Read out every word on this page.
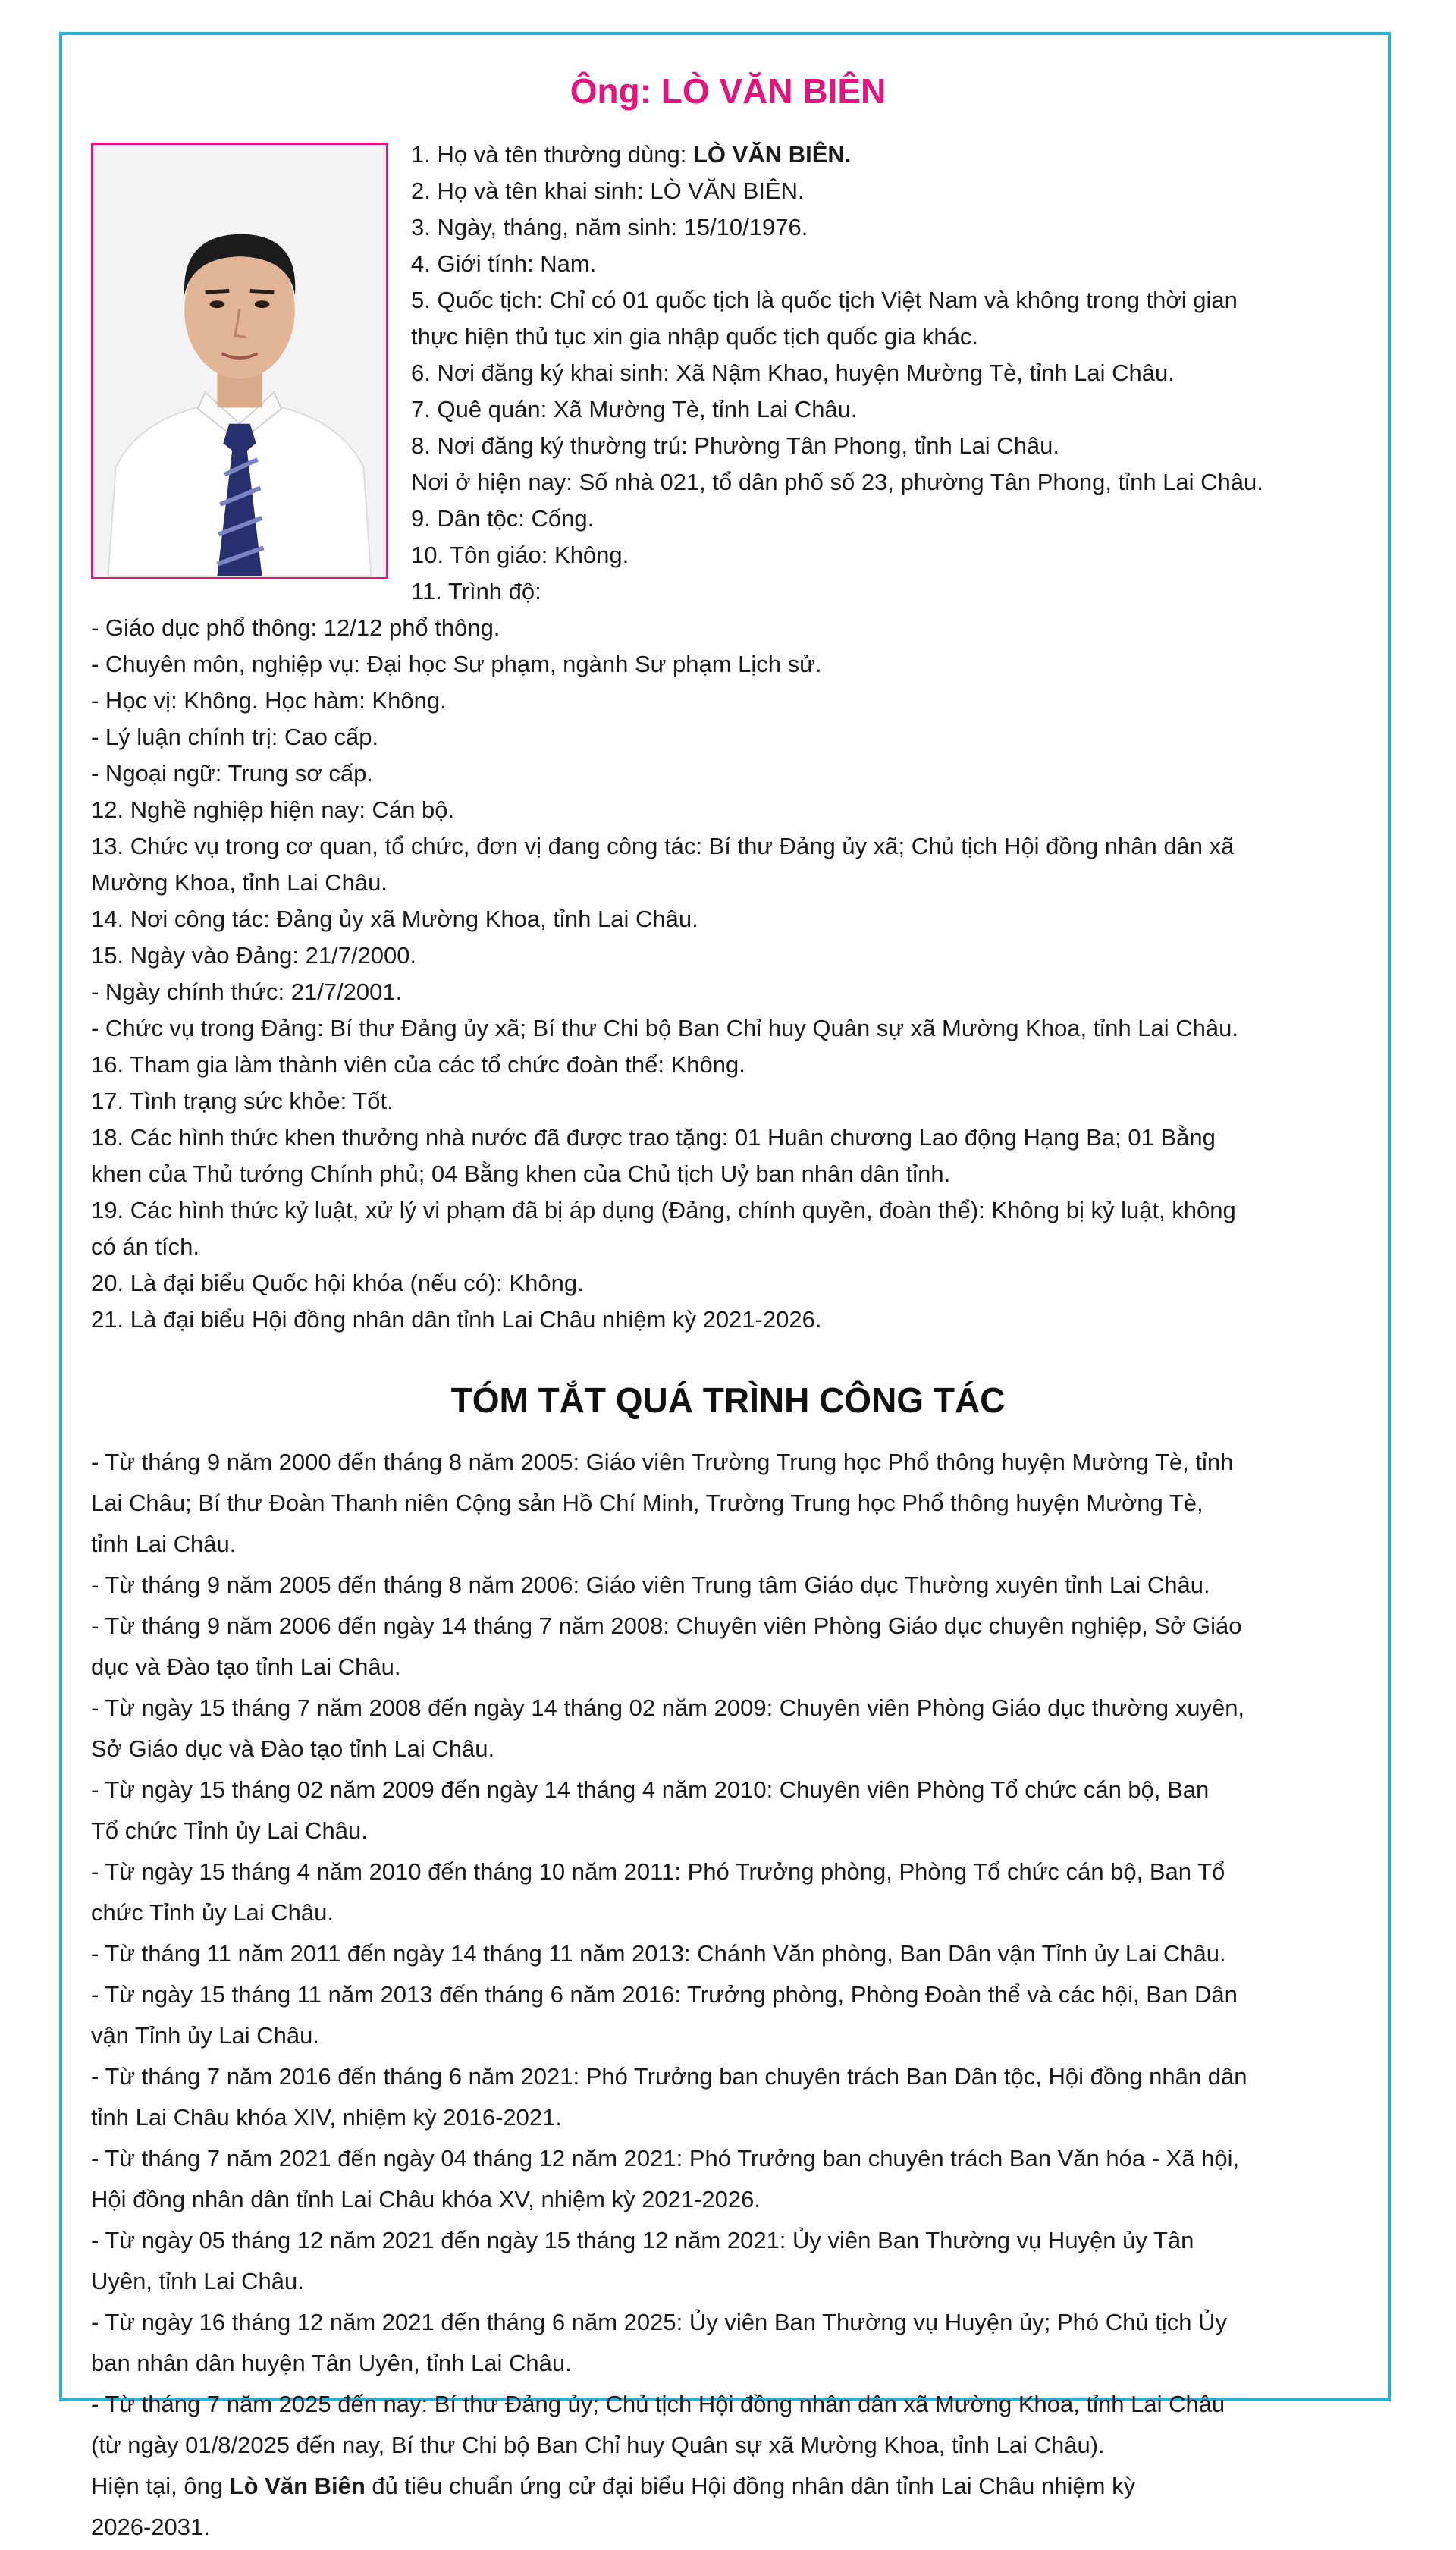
Ông: LÒ VĂN BIÊN

1. Họ và tên thường dùng: LÒ VĂN BIÊN.

2. Họ và tên khai sinh: LÒ VĂN BIÊN.

3. Ngày, tháng, năm sinh: 15/10/1976.

4. Giới tính: Nam.

5. Quốc tịch: Chỉ có 01 quốc tịch là quốc tịch Việt Nam và không trong thời gian

thực hiện thủ tục xin gia nhập quốc tịch quốc gia khác.

6. Nơi đăng ký khai sinh: Xã Nậm Khao, huyện Mường Tè, tỉnh Lai Châu.

7. Quê quán: Xã Mường Tè, tỉnh Lai Châu.

8. Nơi đăng ký thường trú: Phường Tân Phong, tỉnh Lai Châu.

Nơi ở hiện nay: Số nhà 021, tổ dân phố số 23, phường Tân Phong, tỉnh Lai Châu.

9. Dân tộc: Cống.

10. Tôn giáo: Không.

11. Trình độ:

- Giáo dục phổ thông: 12/12 phổ thông.

- Chuyên môn, nghiệp vụ: Đại học Sư phạm, ngành Sư phạm Lịch sử.

- Học vị: Không. Học hàm: Không.

- Lý luận chính trị: Cao cấp.

- Ngoại ngữ: Trung sơ cấp.

12. Nghề nghiệp hiện nay: Cán bộ.

13. Chức vụ trong cơ quan, tổ chức, đơn vị đang công tác: Bí thư Đảng ủy xã; Chủ tịch Hội đồng nhân dân xã

Mường Khoa, tỉnh Lai Châu.

14. Nơi công tác: Đảng ủy xã Mường Khoa, tỉnh Lai Châu.

15. Ngày vào Đảng: 21/7/2000.

- Ngày chính thức: 21/7/2001.

- Chức vụ trong Đảng: Bí thư Đảng ủy xã; Bí thư Chi bộ Ban Chỉ huy Quân sự xã Mường Khoa, tỉnh Lai Châu.

16. Tham gia làm thành viên của các tổ chức đoàn thể: Không.

17. Tình trạng sức khỏe: Tốt.

18. Các hình thức khen thưởng nhà nước đã được trao tặng: 01 Huân chương Lao động Hạng Ba; 01 Bằng

khen của Thủ tướng Chính phủ; 04 Bằng khen của Chủ tịch Uỷ ban nhân dân tỉnh.

19. Các hình thức kỷ luật, xử lý vi phạm đã bị áp dụng (Đảng, chính quyền, đoàn thể): Không bị kỷ luật, không

có án tích.

20. Là đại biểu Quốc hội khóa (nếu có): Không.

21. Là đại biểu Hội đồng nhân dân tỉnh Lai Châu nhiệm kỳ 2021-2026.

TÓM TẮT QUÁ TRÌNH CÔNG TÁC

- Từ tháng 9 năm 2000 đến tháng 8 năm 2005: Giáo viên Trường Trung học Phổ thông huyện Mường Tè, tỉnh

Lai Châu; Bí thư Đoàn Thanh niên Cộng sản Hồ Chí Minh, Trường Trung học Phổ thông huyện Mường Tè,

tỉnh Lai Châu.

- Từ tháng 9 năm 2005 đến tháng 8 năm 2006: Giáo viên Trung tâm Giáo dục Thường xuyên tỉnh Lai Châu.

- Từ tháng 9 năm 2006 đến ngày 14 tháng 7 năm 2008: Chuyên viên Phòng Giáo dục chuyên nghiệp, Sở Giáo

dục và Đào tạo tỉnh Lai Châu.

- Từ ngày 15 tháng 7 năm 2008 đến ngày 14 tháng 02 năm 2009: Chuyên viên Phòng Giáo dục thường xuyên,

Sở Giáo dục và Đào tạo tỉnh Lai Châu.

- Từ ngày 15 tháng 02 năm 2009 đến ngày 14 tháng 4 năm 2010: Chuyên viên Phòng Tổ chức cán bộ, Ban

Tổ chức Tỉnh ủy Lai Châu.

- Từ ngày 15 tháng 4 năm 2010 đến tháng 10 năm 2011: Phó Trưởng phòng, Phòng Tổ chức cán bộ, Ban Tổ

chức Tỉnh ủy Lai Châu.

- Từ tháng 11 năm 2011 đến ngày 14 tháng 11 năm 2013: Chánh Văn phòng, Ban Dân vận Tỉnh ủy Lai Châu.

- Từ ngày 15 tháng 11 năm 2013 đến tháng 6 năm 2016: Trưởng phòng, Phòng Đoàn thể và các hội, Ban Dân

vận Tỉnh ủy Lai Châu.

- Từ tháng 7 năm 2016 đến tháng 6 năm 2021: Phó Trưởng ban chuyên trách Ban Dân tộc, Hội đồng nhân dân

tỉnh Lai Châu khóa XIV, nhiệm kỳ 2016-2021.

- Từ tháng 7 năm 2021 đến ngày 04 tháng 12 năm 2021: Phó Trưởng ban chuyên trách Ban Văn hóa - Xã hội,

Hội đồng nhân dân tỉnh Lai Châu khóa XV, nhiệm kỳ 2021-2026.

- Từ ngày 05 tháng 12 năm 2021 đến ngày 15 tháng 12 năm 2021: Ủy viên Ban Thường vụ Huyện ủy Tân

Uyên, tỉnh Lai Châu.

- Từ ngày 16 tháng 12 năm 2021 đến tháng 6 năm 2025: Ủy viên Ban Thường vụ Huyện ủy; Phó Chủ tịch Ủy

ban nhân dân huyện Tân Uyên, tỉnh Lai Châu.

- Từ tháng 7 năm 2025 đến nay: Bí thư Đảng ủy; Chủ tịch Hội đồng nhân dân xã Mường Khoa, tỉnh Lai Châu

(từ ngày 01/8/2025 đến nay, Bí thư Chi bộ Ban Chỉ huy Quân sự xã Mường Khoa, tỉnh Lai Châu).

Hiện tại, ông Lò Văn Biên đủ tiêu chuẩn ứng cử đại biểu Hội đồng nhân dân tỉnh Lai Châu nhiệm kỳ

2026-2031.
